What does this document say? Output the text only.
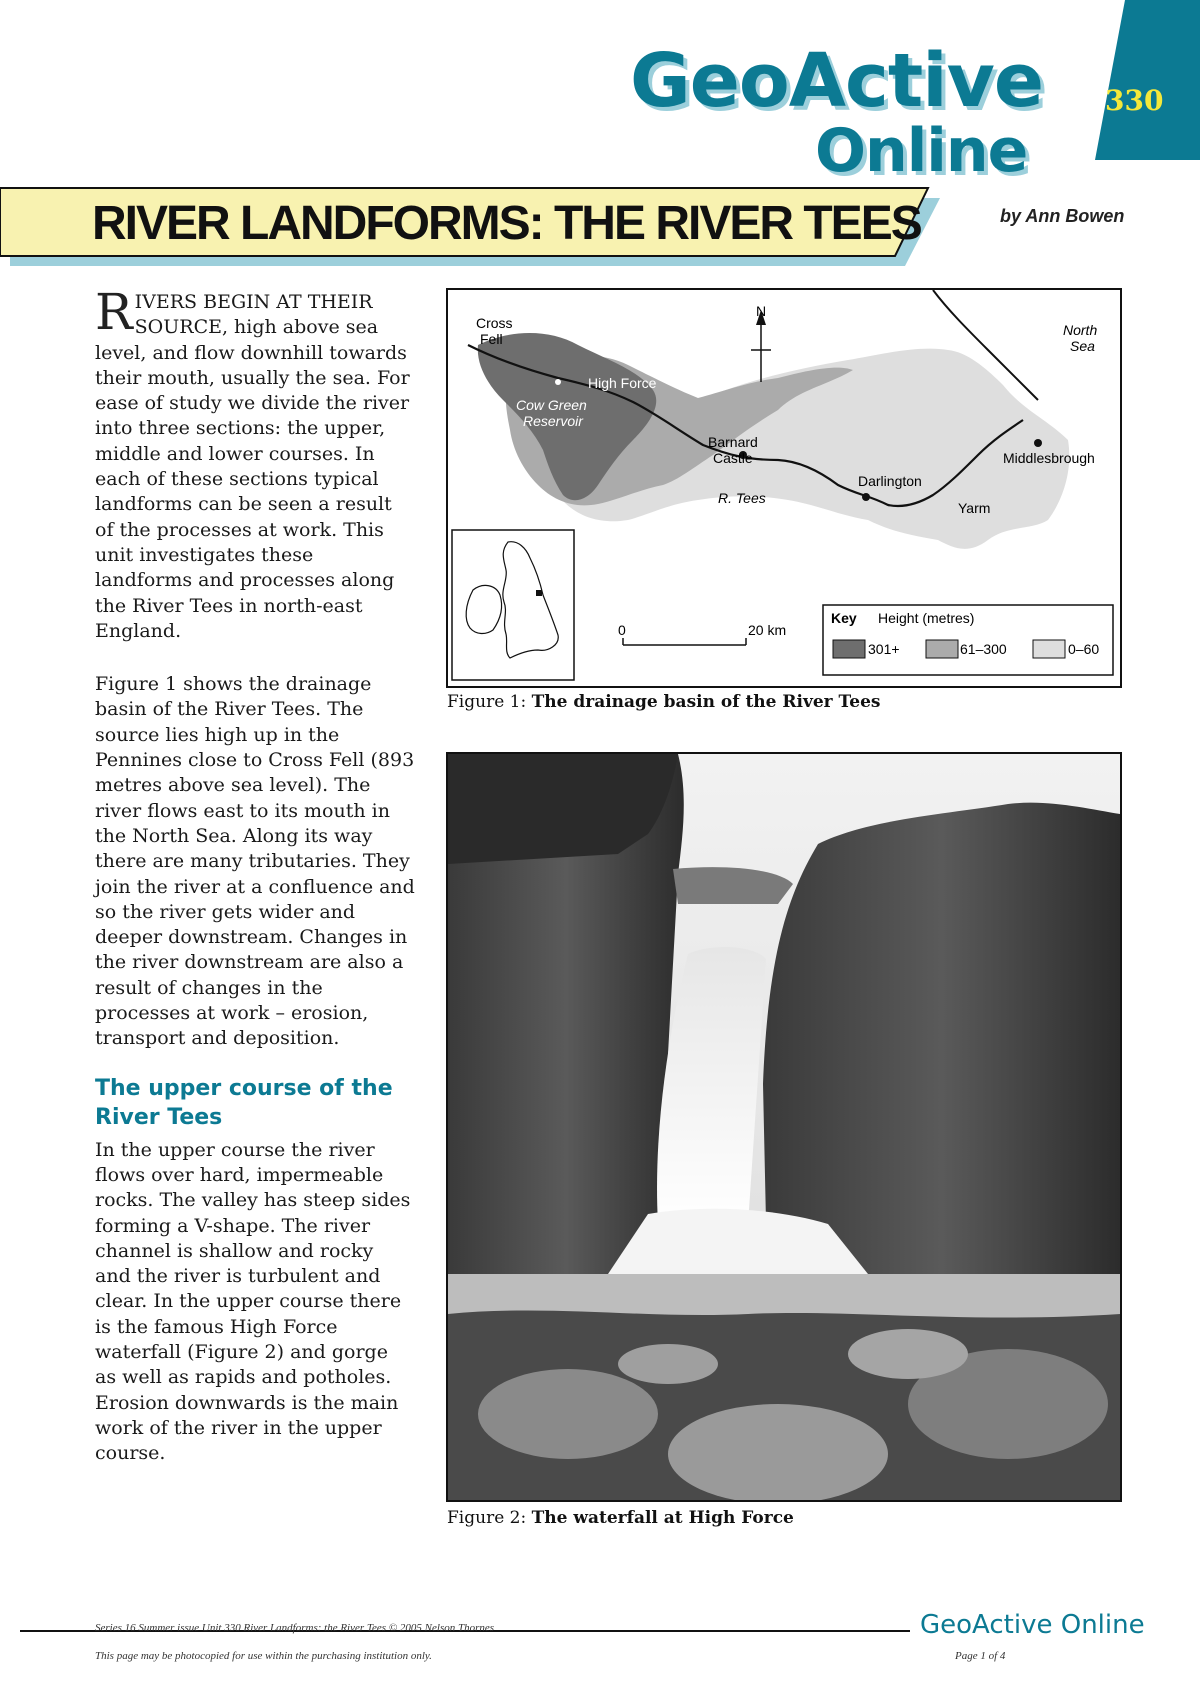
GeoActive
Online
330
RIVER LANDFORMS: THE RIVER TEES	by Ann Bowen

RIVERS BEGIN AT THEIR SOURCE, high above sea level, and flow downhill towards their mouth, usually the sea. For ease of study we divide the river into three sections: the upper, middle and lower courses. In each of these sections typical landforms can be seen a result of the processes at work. This unit investigates these landforms and processes along the River Tees in north-east England.

Figure 1 shows the drainage basin of the River Tees. The source lies high up in the Pennines close to Cross Fell (893 metres above sea level). The river flows east to its mouth in the North Sea. Along its way there are many tributaries. They join the river at a confluence and so the river gets wider and deeper downstream. Changes in the river downstream are also a result of changes in the processes at work – erosion, transport and deposition.

The upper course of the River Tees

In the upper course the river flows over hard, impermeable rocks. The valley has steep sides forming a V-shape. The river channel is shallow and rocky and the river is turbulent and clear. In the upper course there is the famous High Force waterfall (Figure 2) and gorge as well as rapids and potholes. Erosion downwards is the main work of the river in the upper course.

Cross
Fell
N
North
Sea
High Force
Cow Green
Reservoir
Barnard
Castle	Middlesbrough
Darlington
R. Tees
Yarm
0	20 km
Key Height (metres)
301+	61–300	0–60
Figure 1: The drainage basin of the River Tees
Figure 2: The waterfall at High Force
Series 16 Summer issue Unit 330 River Landforms: the River Tees © 2005 Nelson Thornes
This page may be photocopied for use within the purchasing institution only.
GeoActive Online
Page 1 of 4
